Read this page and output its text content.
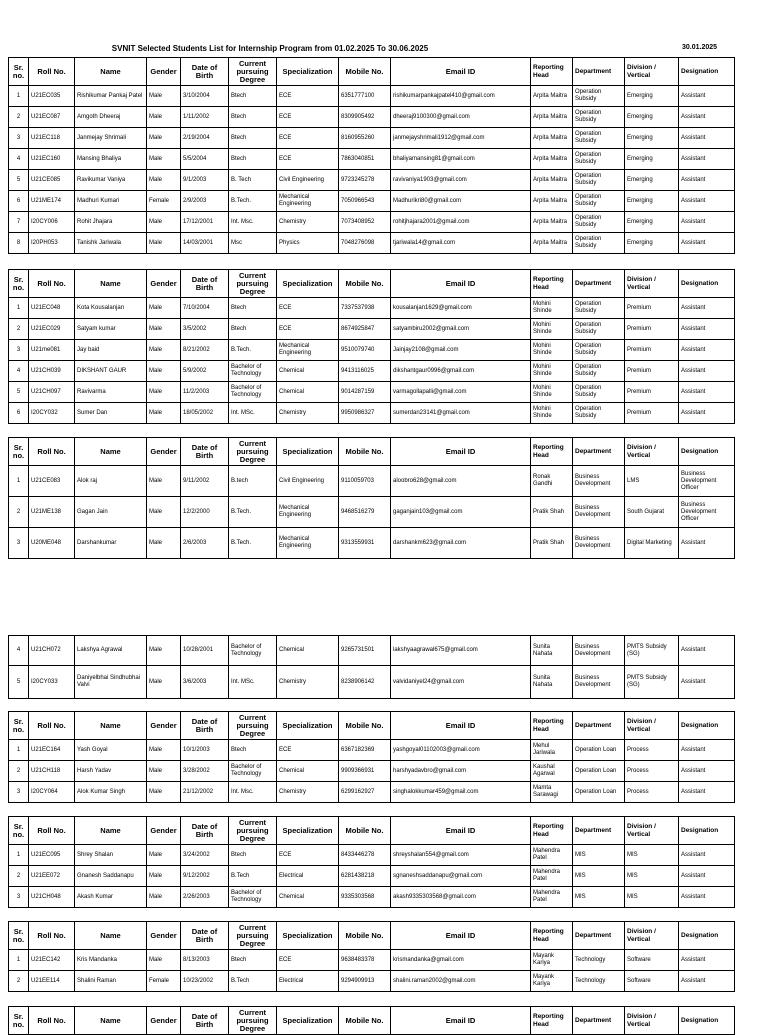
SVNIT Selected Students List for Internship Program from 01.02.2025 To 30.06.2025	30.01.2025
Sr. no.	Roll No.	Name	Gender	Date of Birth	Current pursuing Degree	Specialization	Mobile No.	Email ID	Reporting Head	Department	Division / Vertical	Designation
1	U21EC035	Rishikumar Pankaj Patel	Male	3/10/2004	Btech	ECE	6351777100	rishikumarpankajpatel410@gmail.com	Arpita Maitra	Operation Subsidy	Emerging	Assistant
2	U21EC087	Amgoth Dheeraj	Male	1/11/2002	Btech	ECE	8309905492	dheeraj9100300@gmail.com	Arpita Maitra	Operation Subsidy	Emerging	Assistant
3	U21EC118	Janmejay Shrimali	Male	2/19/2004	Btech	ECE	8160955260	janmejayshrimali1912@gmail.com	Arpita Maitra	Operation Subsidy	Emerging	Assistant
4	U21EC160	Mansing Bhaliya	Male	5/5/2004	Btech	ECE	7863040851	bhaliyamansing81@gmail.com	Arpita Maitra	Operation Subsidy	Emerging	Assistant
5	U21CE085	Ravikumar Vaniya	Male	9/1/2003	B. Tech	Civil Engineering	9723245278	ravivaniya1903@gmail.com	Arpita Maitra	Operation Subsidy	Emerging	Assistant
6	U21ME174	Madhuri Kumari	Female	2/9/2003	B.Tech.	Mechanical Engineering	7050966543	Madhurikri80@gmail.com	Arpita Maitra	Operation Subsidy	Emerging	Assistant
7	I20CY006	Rohit Jhajara	Male	17/12/2001	Int. Msc.	Chemistry	7073408952	rohitjhajara2001@gmail.com	Arpita Maitra	Operation Subsidy	Emerging	Assistant
8	I20PH053	Tanishk Jariwala	Male	14/03/2001	Msc	Physics	7048276098	tjariwala14@gmail.com	Arpita Maitra	Operation Subsidy	Emerging	Assistant
Sr. no.	Roll No.	Name	Gender	Date of Birth	Current pursuing Degree	Specialization	Mobile No.	Email ID	Reporting Head	Department	Division / Vertical	Designation
1	U21EC048	Kota Kousalanjan	Male	7/10/2004	Btech	ECE	7337537938	kousalanjan1629@gmail.com	Mohini Shinde	Operation Subsidy	Premium	Assistant
2	U21EC029	Satyam kumar	Male	3/5/2002	Btech	ECE	8674925847	satyambiru2002@gmail.com	Mohini Shinde	Operation Subsidy	Premium	Assistant
3	U21me081	Jay baid	Male	8/21/2002	B.Tech.	Mechanical Engineering	9510079740	Jainjay2108@gmail.com	Mohini Shinde	Operation Subsidy	Premium	Assistant
4	U21CH039	DIKSHANT GAUR	Male	5/9/2002	Bachelor of Technology	Chemical	9413116025	dikshantgaur0996@gmail.com	Mohini Shinde	Operation Subsidy	Premium	Assistant
5	U21CH097	Ravivarma	Male	11/2/2003	Bachelor of Technology	Chemical	9014287159	varmagollapalli@gmail.com	Mohini Shinde	Operation Subsidy	Premium	Assistant
6	I20CY032	Sumer Dan	Male	18/05/2002	Int. MSc.	Chemistry	9950986327	sumerdan23141@gmail.com	Mohini Shinde	Operation Subsidy	Premium	Assistant
Sr. no.	Roll No.	Name	Gender	Date of Birth	Current pursuing Degree	Specialization	Mobile No.	Email ID	Reporting Head	Department	Division / Vertical	Designation
1	U21CE083	Alok raj	Male	9/11/2002	B.tech	Civil Engineering	9110059703	aloobro628@gmail.com	Ronak Gandhi	Business Development	LMS	Business Development Officer
2	U21ME138	Gagan Jain	Male	12/2/2000	B.Tech.	Mechanical Engineering	9468516279	gaganjain103@gmail.com	Pratik Shah	Business Development	South Gujarat	Business Development Officer
3	U20ME048	Darshankumar	Male	2/6/2003	B.Tech.	Mechanical Engineering	9313559931	darshankm623@gmail.com	Pratik Shah	Business Development	Digital Marketing	Assistant
4	U21CH072	Lakshya Agrawal	Male	10/28/2001	Bachelor of Technology	Chemical	9265731501	lakshyaagrawal675@gmail.com	Sunita Nahata	Business Development	PMTS Subsidy (SG)	Assistant
5	I20CY033	Daniyelbhai Sindhubhai Valvi	Male	3/6/2003	Int. MSc.	Chemistry	8238906142	valvidaniyel24@gmail.com	Sunita Nahata	Business Development	PMTS Subsidy (SG)	Assistant
Sr. no.	Roll No.	Name	Gender	Date of Birth	Current pursuing Degree	Specialization	Mobile No.	Email ID	Reporting Head	Department	Division / Vertical	Designation
1	U21EC164	Yash Goyal	Male	10/1/2003	Btech	ECE	6367182369	yashgoyal01102003@gmail.com	Mehul Jariwala	Operation Loan	Process	Assistant
2	U21CH118	Harsh Yadav	Male	3/28/2002	Bachelor of Technology	Chemical	9909366931	harshyadavbro@gmail.com	Kaushal Agarwal	Operation Loan	Process	Assistant
3	I20CY064	Alok Kumar Singh	Male	21/12/2002	Int. Msc.	Chemistry	6299162927	singhalokkumar459@gmail.com	Mamta Sarawagi	Operation Loan	Process	Assistant
Sr. no.	Roll No.	Name	Gender	Date of Birth	Current pursuing Degree	Specialization	Mobile No.	Email ID	Reporting Head	Department	Division / Vertical	Designation
1	U21EC095	Shrey Shalan	Male	3/24/2002	Btech	ECE	8433446278	shreyshalan554@gmail.com	Mahendra Patel	MIS	MIS	Assistant
2	U21EE072	Gnanesh Saddanapu	Male	9/12/2002	B.Tech	Electrical	6281438218	sgnaneshsaddanapu@gmail.com	Mahendra Patel	MIS	MIS	Assistant
3	U21CH048	Akash Kumar	Male	2/26/2003	Bachelor of Technology	Chemical	9335303568	akash9335303568@gmail.com	Mahendra Patel	MIS	MIS	Assistant
Sr. no.	Roll No.	Name	Gender	Date of Birth	Current pursuing Degree	Specialization	Mobile No.	Email ID	Reporting Head	Department	Division / Vertical	Designation
1	U21EC142	Kris Mandanka	Male	8/13/2003	Btech	ECE	9638483378	krismandanka@gmail.com	Mayank Kariya	Technology	Software	Assistant
2	U21EE114	Shalini Raman	Female	10/23/2002	B.Tech	Electrical	9294909913	shalini.raman2002@gmail.com	Mayank Kariya	Technology	Software	Assistant
Sr. no.	Roll No.	Name	Gender	Date of Birth	Current pursuing Degree	Specialization	Mobile No.	Email ID	Reporting Head	Department	Division / Vertical	Designation
